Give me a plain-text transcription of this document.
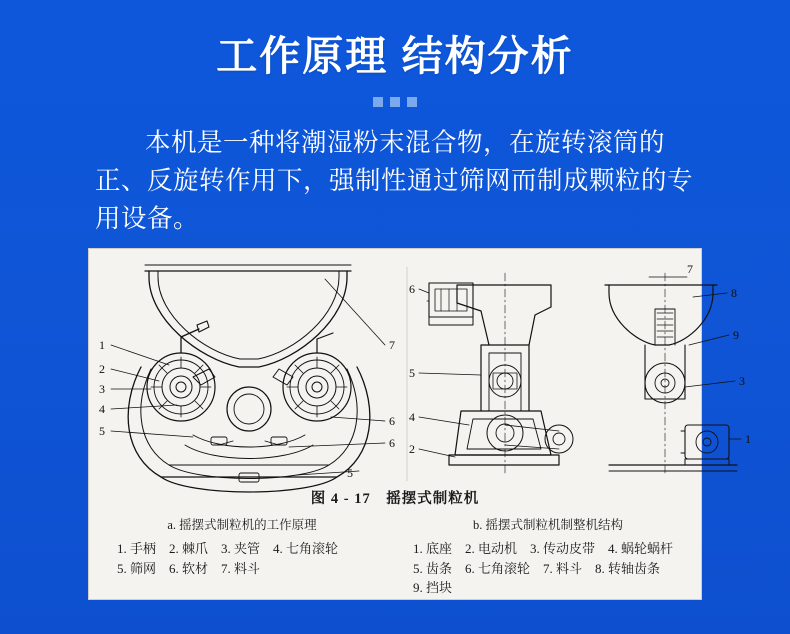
工作原理 结构分析
本机是一种将潮湿粉末混合物，在旋转滚筒的正、反旋转作用下，强制性通过筛网而制成颗粒的专用设备。
1
2
3
4
5
7
6
6
5
6
5
4
2
7
8
9
3
1
图 4 - 17　摇摆式制粒机
a. 摇摆式制粒机的工作原理	b. 摇摆式制粒机制整机结构
1. 手柄　2. 棘爪　3. 夹管　4. 七角滚轮
5. 筛网　6. 软材　7. 料斗
1. 底座　2. 电动机　3. 传动皮带　4. 蜗轮蜗杆
5. 齿条　6. 七角滚轮　7. 料斗　8. 转轴齿条
9. 挡块
